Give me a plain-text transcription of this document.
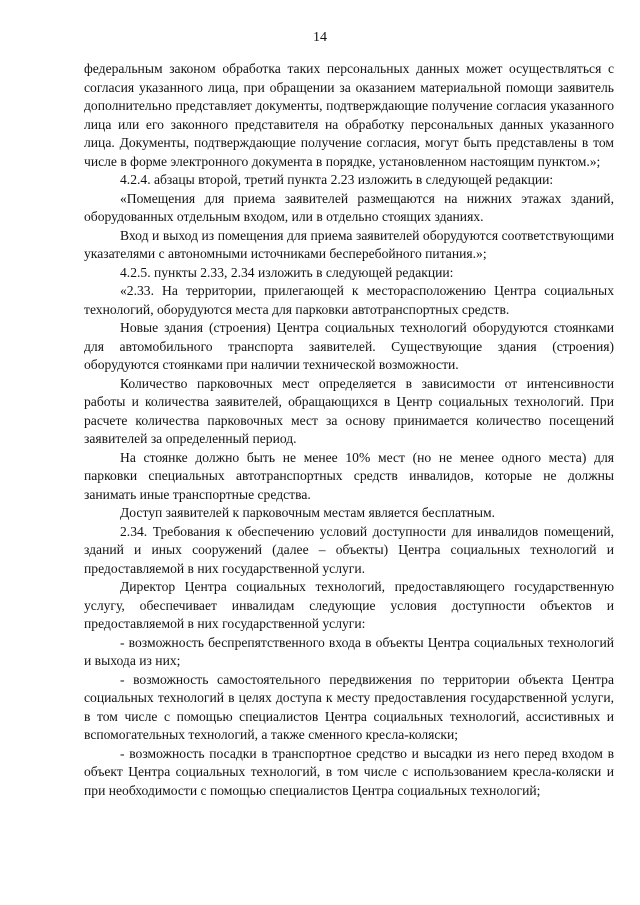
14

федеральным законом обработка таких персональных данных может осуществляться с согласия указанного лица, при обращении за оказанием материальной помощи заявитель дополнительно представляет документы, подтверждающие получение согласия указанного лица или его законного представителя на обработку персональных данных указанного лица. Документы, подтверждающие получение согласия, могут быть представлены в том числе в форме электронного документа в порядке, установленном настоящим пунктом.»;

4.2.4. абзацы второй, третий пункта 2.23 изложить в следующей редакции:

«Помещения для приема заявителей размещаются на нижних этажах зданий, оборудованных отдельным входом, или в отдельно стоящих зданиях.

Вход и выход из помещения для приема заявителей оборудуются соответствующими указателями с автономными источниками бесперебойного питания.»;

4.2.5. пункты 2.33, 2.34 изложить в следующей редакции:

«2.33. На территории, прилегающей к месторасположению Центра социальных технологий, оборудуются места для парковки автотранспортных средств.

Новые здания (строения) Центра социальных технологий оборудуются стоянками для автомобильного транспорта заявителей. Существующие здания (строения) оборудуются стоянками при наличии технической возможности.

Количество парковочных мест определяется в зависимости от интенсивности работы и количества заявителей, обращающихся в Центр социальных технологий. При расчете количества парковочных мест за основу принимается количество посещений заявителей за определенный период.

На стоянке должно быть не менее 10% мест (но не менее одного места) для парковки специальных автотранспортных средств инвалидов, которые не должны занимать иные транспортные средства.

Доступ заявителей к парковочным местам является бесплатным.

2.34. Требования к обеспечению условий доступности для инвалидов помещений, зданий и иных сооружений (далее – объекты) Центра социальных технологий и предоставляемой в них государственной услуги.

Директор Центра социальных технологий, предоставляющего государственную услугу, обеспечивает инвалидам следующие условия доступности объектов и предоставляемой в них государственной услуги:

- возможность беспрепятственного входа в объекты Центра социальных технологий и выхода из них;

- возможность самостоятельного передвижения по территории объекта Центра социальных технологий в целях доступа к месту предоставления государственной услуги, в том числе с помощью специалистов Центра социальных технологий, ассистивных и вспомогательных технологий, а также сменного кресла-коляски;

- возможность посадки в транспортное средство и высадки из него перед входом в объект Центра социальных технологий, в том числе с использованием кресла-коляски и при необходимости с помощью специалистов Центра социальных технологий;
